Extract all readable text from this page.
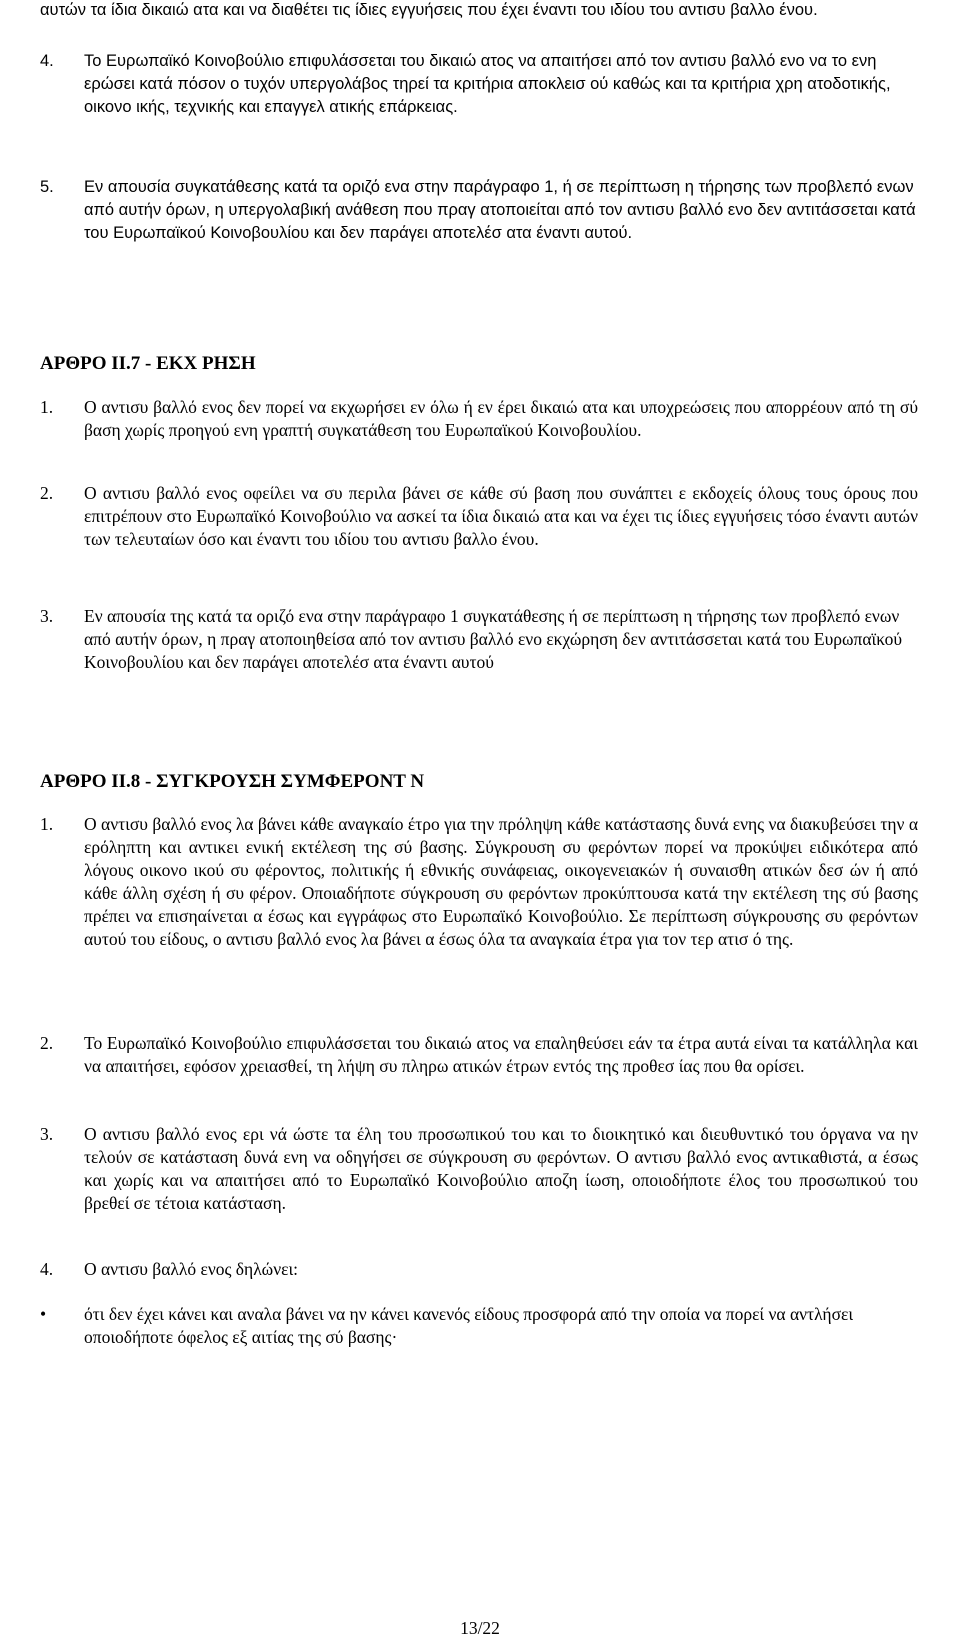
αυτών τα ίδια δικαιώ ατα και να διαθέτει τις ίδιες εγγυήσεις που έχει έναντι του ιδίου του αντισυ βαλλο ένου.

4. Το Ευρωπαϊκό Κοινοβούλιο επιφυλάσσεται του δικαιώ ατος να απαιτήσει από τον αντισυ βαλλό ενο να το ενη ερώσει κατά πόσον ο τυχόν υπεργολάβος τηρεί τα κριτήρια αποκλεισ ού καθώς και τα κριτήρια χρη ατοδοτικής, οικονο ικής, τεχνικής και επαγγελ ατικής επάρκειας.
5. Εν απουσία συγκατάθεσης κατά τα οριζό ενα στην παράγραφο 1, ή σε περίπτωση η τήρησης των προβλεπό ενων από αυτήν όρων, η υπεργολαβική ανάθεση που πραγ ατοποιείται από τον αντισυ βαλλό ενο δεν αντιτάσσεται κατά του Ευρωπαϊκού Κοινοβουλίου και δεν παράγει αποτελέσ ατα έναντι αυτού.
ΑΡΘΡΟ II.7 - ΕΚΧ ΡΗΣΗ
1. Ο αντισυ βαλλό ενος δεν πορεί να εκχωρήσει εν όλω ή εν έρει δικαιώ ατα και υποχρεώσεις που απορρέουν από τη σύ βαση χωρίς προηγού ενη γραπτή συγκατάθεση του Ευρωπαϊκού Κοινοβουλίου.
2. Ο αντισυ βαλλό ενος οφείλει να συ περιλα βάνει σε κάθε σύ βαση που συνάπτει ε εκδοχείς όλους τους όρους που επιτρέπουν στο Ευρωπαϊκό Κοινοβούλιο να ασκεί τα ίδια δικαιώ ατα και να έχει τις ίδιες εγγυήσεις τόσο έναντι αυτών των τελευταίων όσο και έναντι του ιδίου του αντισυ βαλλο ένου.
3. Εν απουσία της κατά τα οριζό ενα στην παράγραφο 1 συγκατάθεσης ή σε περίπτωση η τήρησης των προβλεπό ενων από αυτήν όρων, η πραγ ατοποιηθείσα από τον αντισυ βαλλό ενο εκχώρηση δεν αντιτάσσεται κατά του Ευρωπαϊκού Κοινοβουλίου και δεν παράγει αποτελέσ ατα έναντι αυτού
ΑΡΘΡΟ II.8 - ΣΥΓΚΡΟΥΣΗ ΣΥΜΦΕΡΟΝΤ Ν
1. Ο αντισυ βαλλό ενος λα βάνει κάθε αναγκαίο έτρο για την πρόληψη κάθε κατάστασης δυνά ενης να διακυβεύσει την α ερόληπτη και αντικει ενική εκτέλεση της σύ βασης. Σύγκρουση συ φερόντων πορεί να προκύψει ειδικότερα από λόγους οικονο ικού συ φέροντος, πολιτικής ή εθνικής συνάφειας, οικογενειακών ή συναισθη ατικών δεσ ών ή από κάθε άλλη σχέση ή συ φέρον. Οποιαδήποτε σύγκρουση συ φερόντων προκύπτουσα κατά την εκτέλεση της σύ βασης πρέπει να επισηαίνεται α έσως και εγγράφως στο Ευρωπαϊκό Κοινοβούλιο. Σε περίπτωση σύγκρουσης συ φερόντων αυτού του είδους, ο αντισυ βαλλό ενος λα βάνει α έσως όλα τα αναγκαία έτρα για τον τερ ατισ ό της.
2. Το Ευρωπαϊκό Κοινοβούλιο επιφυλάσσεται του δικαιώ ατος να επαληθεύσει εάν τα έτρα αυτά είναι τα κατάλληλα και να απαιτήσει, εφόσον χρειασθεί, τη λήψη συ πληρω ατικών έτρων εντός της προθεσ ίας που θα ορίσει.
3. Ο αντισυ βαλλό ενος ερι νά ώστε τα έλη του προσωπικού του και το διοικητικό και διευθυντικό του όργανα να ην τελούν σε κατάσταση δυνά ενη να οδηγήσει σε σύγκρουση συ φερόντων. Ο αντισυ βαλλό ενος αντικαθιστά, α έσως και χωρίς και να απαιτήσει από το Ευρωπαϊκό Κοινοβούλιο αποζη ίωση, οποιοδήποτε έλος του προσωπικού του βρεθεί σε τέτοια κατάσταση.
4. Ο αντισυ βαλλό ενος δηλώνει:
• ότι δεν έχει κάνει και αναλα βάνει να ην κάνει κανενός είδους προσφορά από την οποία να πορεί να αντλήσει οποιοδήποτε όφελος εξ αιτίας της σύ βασης·
13/22
